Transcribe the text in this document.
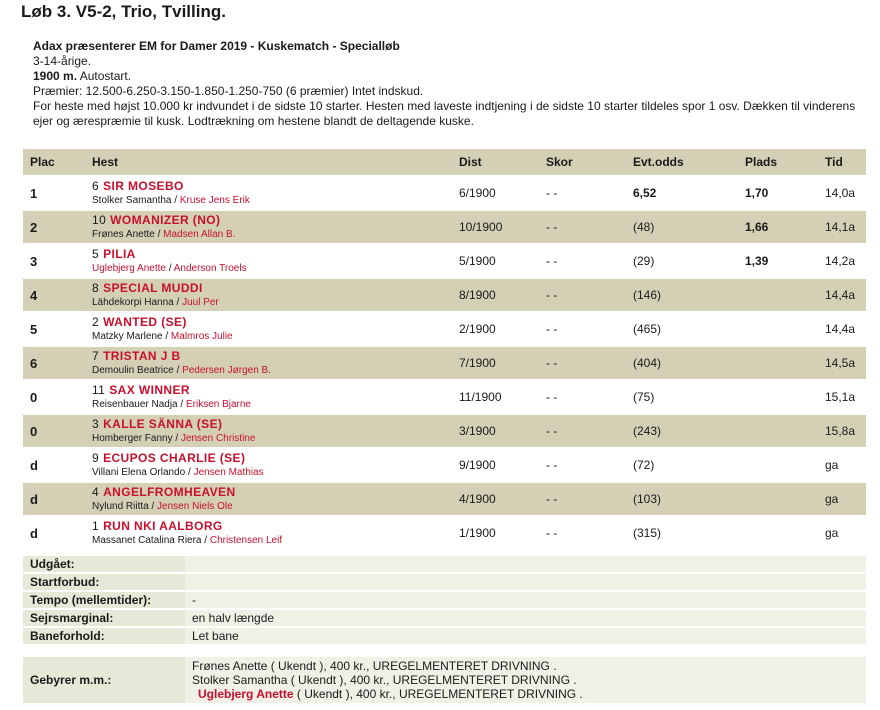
Løb 3. V5-2, Trio, Tvilling.
Adax præsenterer EM for Damer 2019 - Kuskematch - Specialløb
3-14-årige.
1900 m. Autostart.
Præmier: 12.500-6.250-3.150-1.850-1.250-750 (6 præmier) Intet indskud.
For heste med højst 10.000 kr indvundet i de sidste 10 starter. Hesten med laveste indtjening i de sidste 10 starter tildeles spor 1 osv. Dækken til vinderens ejer og ærespræmie til kusk. Lodtrækning om hestene blandt de deltagende kuske.
Plac	Hest	Dist	Skor	Evt.odds	Plads	Tid
1	6 SIR MOSEBO
Stolker Samantha / Kruse Jens Erik	6/1900	- -	6,52	1,70	14,0a
2	10 WOMANIZER (NO)
Frønes Anette / Madsen Allan B.	10/1900	- -	(48)	1,66	14,1a
3	5 PILIA
Uglebjerg Anette / Anderson Troels	5/1900	- -	(29)	1,39	14,2a
4	8 SPECIAL MUDDI
Lähdekorpi Hanna / Juul Per	8/1900	- -	(146)		14,4a
5	2 WANTED (SE)
Matzky Marlene / Malmros Julie	2/1900	- -	(465)		14,4a
6	7 TRISTAN J B
Demoulin Beatrice / Pedersen Jørgen B.	7/1900	- -	(404)		14,5a
0	11 SAX WINNER
Reisenbauer Nadja / Eriksen Bjarne	11/1900	- -	(75)		15,1a
0	3 KALLE SÄNNA (SE)
Homberger Fanny / Jensen Christine	3/1900	- -	(243)		15,8a
d	9 ECUPOS CHARLIE (SE)
Villani Elena Orlando / Jensen Mathias	9/1900	- -	(72)		ga
d	4 ANGELFROMHEAVEN
Nylund Riitta / Jensen Niels Ole	4/1900	- -	(103)		ga
d	1 RUN NKI AALBORG
Massanet Catalina Riera / Christensen Leif	1/1900	- -	(315)		ga
Udgået:	
Startforbud:	
Tempo (mellemtider):	-
Sejrsmarginal:	en halv længde
Baneforhold:	Let bane
Gebyrer m.m.:	
Frønes Anette ( Ukendt ), 400 kr., UREGELMENTERET DRIVNING .
Stolker Samantha ( Ukendt ), 400 kr., UREGELMENTERET DRIVNING .
Uglebjerg Anette ( Ukendt ), 400 kr., UREGELMENTERET DRIVNING .
